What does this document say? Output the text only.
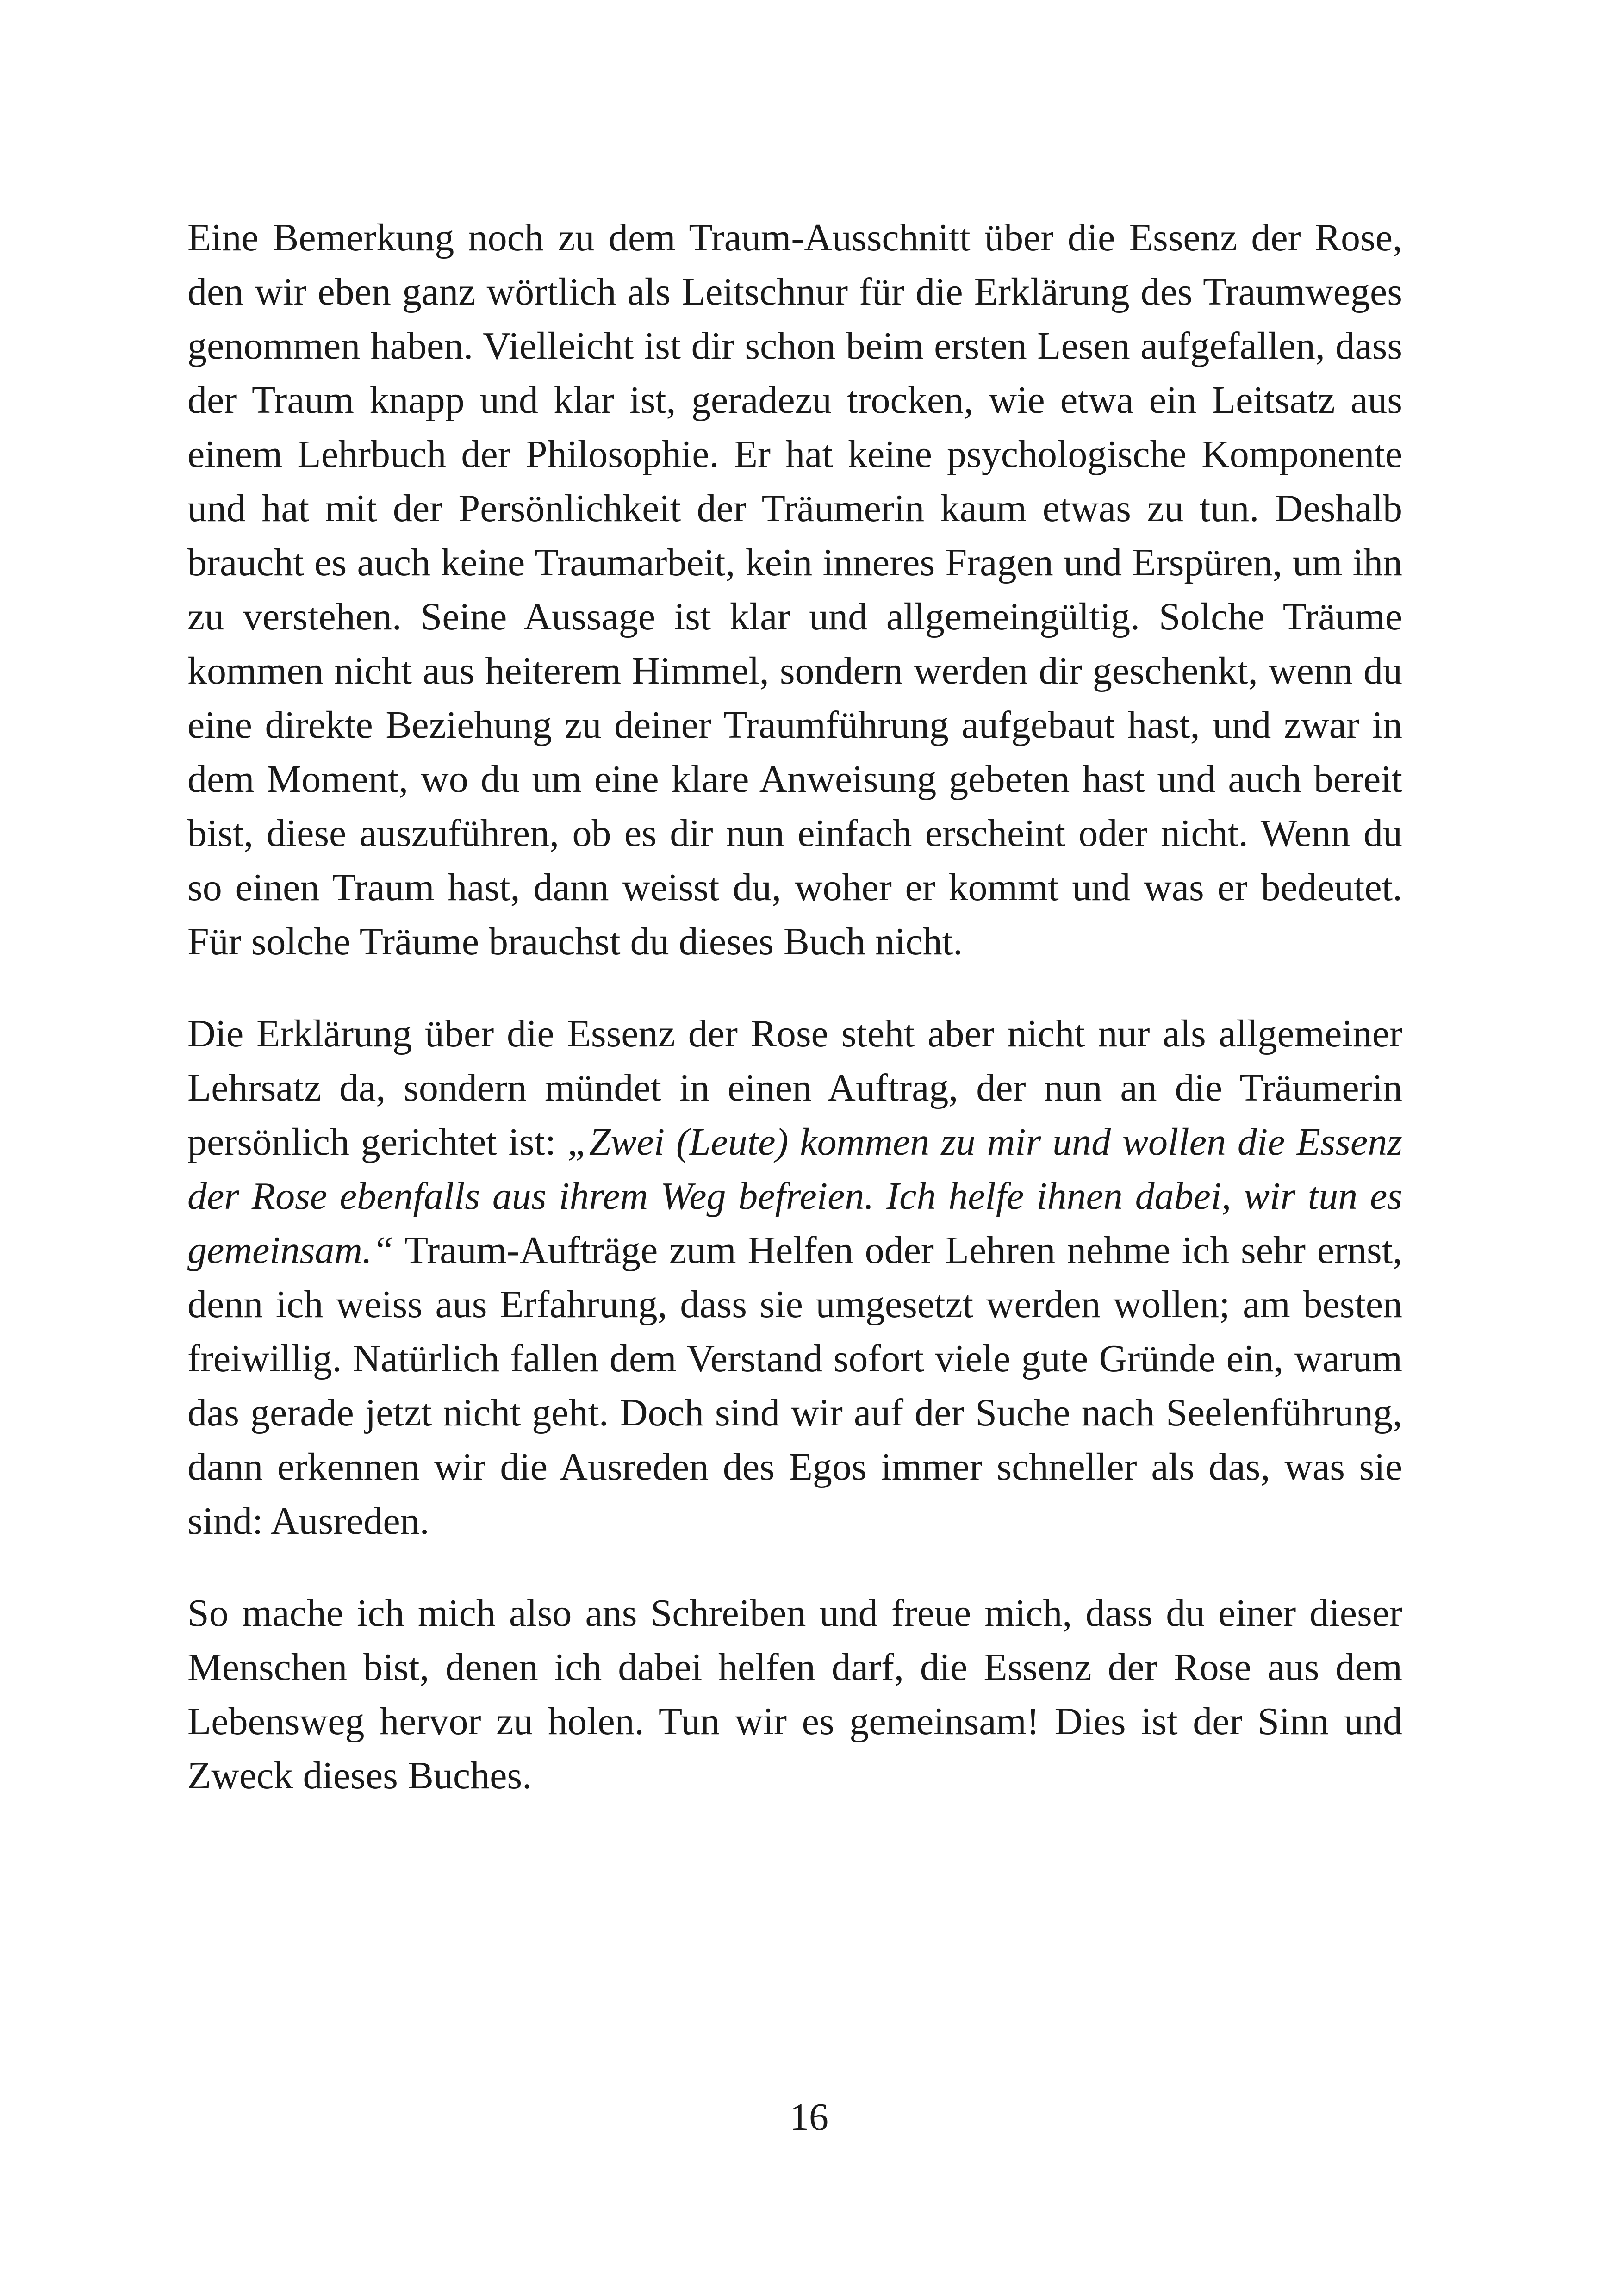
Eine Bemerkung noch zu dem Traum-Ausschnitt über die Essenz der Rose, den wir eben ganz wörtlich als Leitschnur für die Erklärung des Traumweges genommen haben. Vielleicht ist dir schon beim ersten Lesen aufgefallen, dass der Traum knapp und klar ist, geradezu trocken, wie etwa ein Leitsatz aus einem Lehrbuch der Philosophie. Er hat keine psychologische Komponente und hat mit der Persönlichkeit der Träumerin kaum etwas zu tun. Deshalb braucht es auch keine Traumarbeit, kein inneres Fragen und Erspüren, um ihn zu verstehen. Seine Aussage ist klar und allgemeingültig. Solche Träume kommen nicht aus heiterem Himmel, sondern werden dir geschenkt, wenn du eine direkte Beziehung zu deiner Traumführung aufgebaut hast, und zwar in dem Moment, wo du um eine klare Anweisung gebeten hast und auch bereit bist, diese auszuführen, ob es dir nun einfach erscheint oder nicht. Wenn du so einen Traum hast, dann weisst du, woher er kommt und was er bedeutet. Für solche Träume brauchst du dieses Buch nicht.

Die Erklärung über die Essenz der Rose steht aber nicht nur als allgemeiner Lehrsatz da, sondern mündet in einen Auftrag, der nun an die Träumerin persönlich gerichtet ist: „Zwei (Leute) kommen zu mir und wollen die Essenz der Rose ebenfalls aus ihrem Weg befreien. Ich helfe ihnen dabei, wir tun es gemeinsam.“ Traum-Aufträge zum Helfen oder Lehren nehme ich sehr ernst, denn ich weiss aus Erfahrung, dass sie umgesetzt werden wollen; am besten freiwillig. Natürlich fallen dem Verstand sofort viele gute Gründe ein, warum das gerade jetzt nicht geht. Doch sind wir auf der Suche nach Seelenführung, dann erkennen wir die Ausreden des Egos immer schneller als das, was sie sind: Ausreden.

So mache ich mich also ans Schreiben und freue mich, dass du einer dieser Menschen bist, denen ich dabei helfen darf, die Essenz der Rose aus dem Lebensweg hervor zu holen. Tun wir es gemeinsam! Dies ist der Sinn und Zweck dieses Buches.

16
